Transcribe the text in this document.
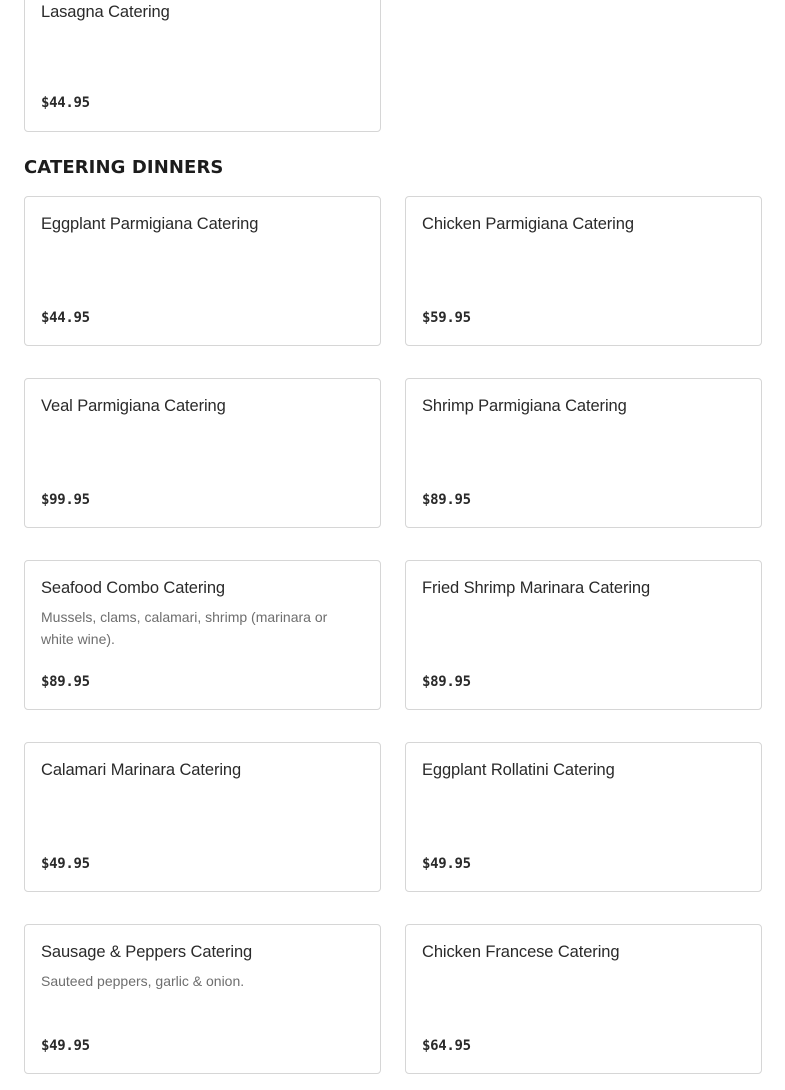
Lasagna Catering
$44.95
CATERING DINNERS
Eggplant Parmigiana Catering
$44.95
Chicken Parmigiana Catering
$59.95
Veal Parmigiana Catering
$99.95
Shrimp Parmigiana Catering
$89.95
Seafood Combo Catering
Mussels, clams, calamari, shrimp (marinara or white wine).
$89.95
Fried Shrimp Marinara Catering
$89.95
Calamari Marinara Catering
$49.95
Eggplant Rollatini Catering
$49.95
Sausage & Peppers Catering
Sauteed peppers, garlic & onion.
$49.95
Chicken Francese Catering
$64.95
